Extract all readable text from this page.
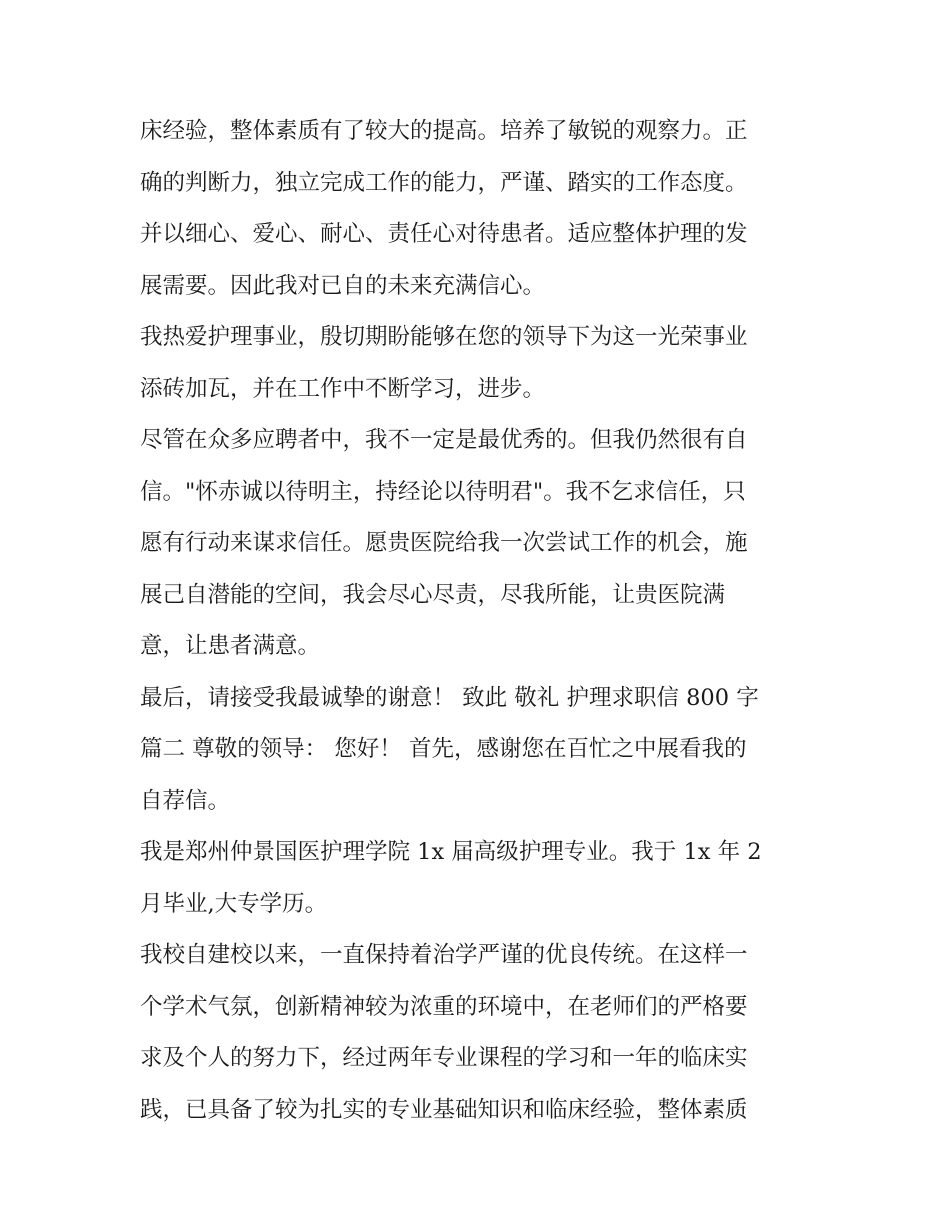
床经验，整体素质有了较大的提高。培养了敏锐的观察力。正
确的判断力，独立完成工作的能力，严谨、踏实的工作态度。
并以细心、爱心、耐心、责任心对待患者。适应整体护理的发
展需要。因此我对已自的未来充满信心。
我热爱护理事业，殷切期盼能够在您的领导下为这一光荣事业
添砖加瓦，并在工作中不断学习，进步。
尽管在众多应聘者中，我不一定是最优秀的。但我仍然很有自
信。"怀赤诚以待明主，持经论以待明君"。我不乞求信任，只
愿有行动来谋求信任。愿贵医院给我一次尝试工作的机会，施
展己自潜能的空间，我会尽心尽责，尽我所能，让贵医院满
意，让患者满意。
最后，请接受我最诚挚的谢意！ 致此 敬礼 护理求职信 800 字
篇二 尊敬的领导： 您好！ 首先，感谢您在百忙之中展看我的
自荐信。
我是郑州仲景国医护理学院 1x 届高级护理专业。我于 1x 年 2
月毕业,大专学历。
我校自建校以来，一直保持着治学严谨的优良传统。在这样一
个学术气氛，创新精神较为浓重的环境中，在老师们的严格要
求及个人的努力下，经过两年专业课程的学习和一年的临床实
践，已具备了较为扎实的专业基础知识和临床经验，整体素质
